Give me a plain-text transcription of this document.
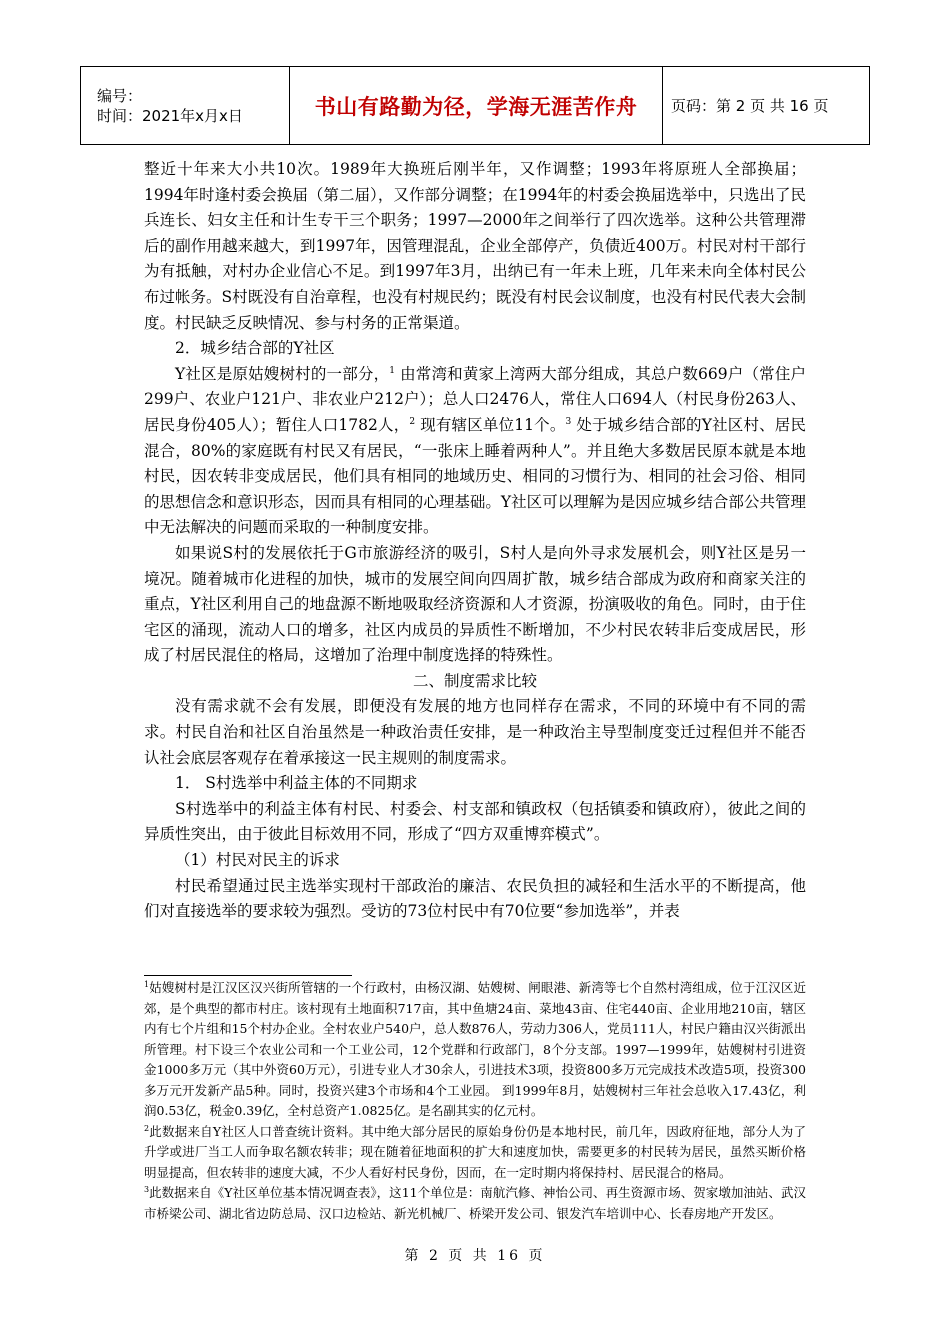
编号：
时间：2021年x月x日	书山有路勤为径，学海无涯苦作舟	页码：第 2 页 共 16 页

整近十年来大小共10次。1989年大换班后刚半年，又作调整；1993年将原班人全部换届；1994年时逢村委会换届（第二届），又作部分调整；在1994年的村委会换届选举中，只选出了民兵连长、妇女主任和计生专干三个职务；1997—2000年之间举行了四次选举。这种公共管理滞后的副作用越来越大，到1997年，因管理混乱，企业全部停产，负债近400万。村民对村干部行为有抵触，对村办企业信心不足。到1997年3月，出纳已有一年未上班，几年来未向全体村民公布过帐务。S村既没有自治章程，也没有村规民约；既没有村民会议制度，也没有村民代表大会制度。村民缺乏反映情况、参与村务的正常渠道。

2．城乡结合部的Y社区

Y社区是原姑嫂树村的一部分，$^1$ 由常湾和黄家上湾两大部分组成，其总户数669户（常住户299户、农业户121户、非农业户212户）；总人口2476人，常住人口694人（村民身份263人、居民身份405人）；暂住人口1782人，$^2$ 现有辖区单位11个。$^3$ 处于城乡结合部的Y社区村、居民混合，80%的家庭既有村民又有居民，“一张床上睡着两种人”。并且绝大多数居民原本就是本地村民，因农转非变成居民，他们具有相同的地域历史、相同的习惯行为、相同的社会习俗、相同的思想信念和意识形态，因而具有相同的心理基础。Y社区可以理解为是因应城乡结合部公共管理中无法解决的问题而采取的一种制度安排。

如果说S村的发展依托于G市旅游经济的吸引，S村人是向外寻求发展机会，则Y社区是另一境况。随着城市化进程的加快，城市的发展空间向四周扩散，城乡结合部成为政府和商家关注的重点，Y社区利用自己的地盘源不断地吸取经济资源和人才资源，扮演吸收的角色。同时，由于住宅区的涌现，流动人口的增多，社区内成员的异质性不断增加，不少村民农转非后变成居民，形成了村居民混住的格局，这增加了治理中制度选择的特殊性。

二、制度需求比较

没有需求就不会有发展，即便没有发展的地方也同样存在需求，不同的环境中有不同的需求。村民自治和社区自治虽然是一种政治责任安排，是一种政治主导型制度变迁过程但并不能否认社会底层客观存在着承接这一民主规则的制度需求。

1． S村选举中利益主体的不同期求

S村选举中的利益主体有村民、村委会、村支部和镇政权（包括镇委和镇政府），彼此之间的异质性突出，由于彼此目标效用不同，形成了“四方双重博弈模式”。

（1）村民对民主的诉求

村民希望通过民主选举实现村干部政治的廉洁、农民负担的减轻和生活水平的不断提高，他们对直接选举的要求较为强烈。受访的73位村民中有70位要“参加选举”，并表

$^1$姑嫂树村是江汉区汉兴街所管辖的一个行政村，由杨汉湖、姑嫂树、闸眼港、新湾等七个自然村湾组成，位于江汉区近郊，是个典型的都市村庄。该村现有土地面积717亩，其中鱼塘24亩、菜地43亩、住宅440亩、企业用地210亩，辖区内有七个片组和15个村办企业。全村农业户540户，总人数876人，劳动力306人，党员111人，村民户籍由汉兴街派出所管理。村下设三个农业公司和一个工业公司，12个党群和行政部门，8个分支部。1997—1999年，姑嫂树村引进资金1000多万元（其中外资60万元），引进专业人才30余人，引进技术3项，投资800多万元完成技术改造5项，投资300多万元开发新产品5种。同时，投资兴建3个市场和4个工业园。 到1999年8月，姑嫂树村三年社会总收入17.43亿，利润0.53亿，税金0.39亿，全村总资产1.0825亿。是名副其实的亿元村。

$^2$此数据来自Y社区人口普查统计资料。其中绝大部分居民的原始身份仍是本地村民，前几年，因政府征地，部分人为了升学或进厂当工人而争取名额农转非；现在随着征地面积的扩大和速度加快，需要更多的村民转为居民，虽然买断价格明显提高，但农转非的速度大减，不少人看好村民身份，因而，在一定时期内将保持村、居民混合的格局。

$^3$此数据来自《Y社区单位基本情况调查表》，这11个单位是：南航汽修、神怡公司、再生资源市场、贺家墩加油站、武汉市桥梁公司、湖北省边防总局、汉口边检站、新光机械厂、桥梁开发公司、银发汽车培训中心、长春房地产开发区。

第 2 页 共 16 页
